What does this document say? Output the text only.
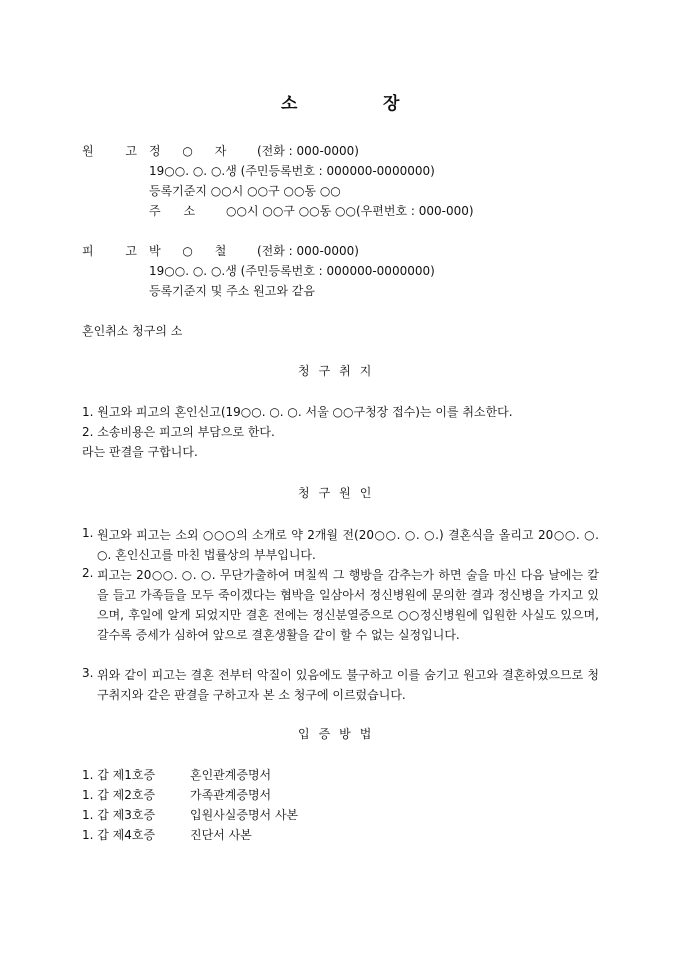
소	장
원 고
정 ○ 자 (전화 : 000-0000)
19○○. ○. ○.생 (주민등록번호 : 000000-0000000)
등록기준지 ○○시 ○○구 ○○동 ○○
주      소	○○시 ○○구 ○○동 ○○(우편번호 : 000-000)
피 고
박 ○ 철 (전화 : 000-0000)
19○○. ○. ○.생 (주민등록번호 : 000000-0000000)
등록기준지 및 주소 원고와 같음
혼인취소 청구의 소
청구취지
1. 원고와 피고의 혼인신고(19○○. ○. ○. 서울 ○○구청장 접수)는 이를 취소한다.
2. 소송비용은 피고의 부담으로 한다.
라는 판결을 구합니다.
청구원인
1. 원고와 피고는 소외 ○○○의 소개로 약 2개월 전(20○○. ○. ○.) 결혼식을 올리고 20○○. ○. ○. 혼인신고를 마친 법률상의 부부입니다.
2. 피고는 20○○. ○. ○. 무단가출하여 며칠씩 그 행방을 감추는가 하면 술을 마신 다음 날에는 칼을 들고 가족들을 모두 죽이겠다는 협박을 일삼아서 정신병원에 문의한 결과 정신병을 가지고 있으며, 후일에 알게 되었지만 결혼 전에는 정신분열증으로 ○○정신병원에 입원한 사실도 있으며, 갈수록 증세가 심하여 앞으로 결혼생활을 같이 할 수 없는 실정입니다.
3. 위와 같이 피고는 결혼 전부터 악질이 있음에도 불구하고 이를 숨기고 원고와 결혼하였으므로 청구취지와 같은 판결을 구하고자 본 소 청구에 이르렀습니다.
입증방법
1. 갑 제1호증	혼인관계증명서
1. 갑 제2호증	가족관계증명서
1. 갑 제3호증	입원사실증명서 사본
1. 갑 제4호증	진단서 사본
